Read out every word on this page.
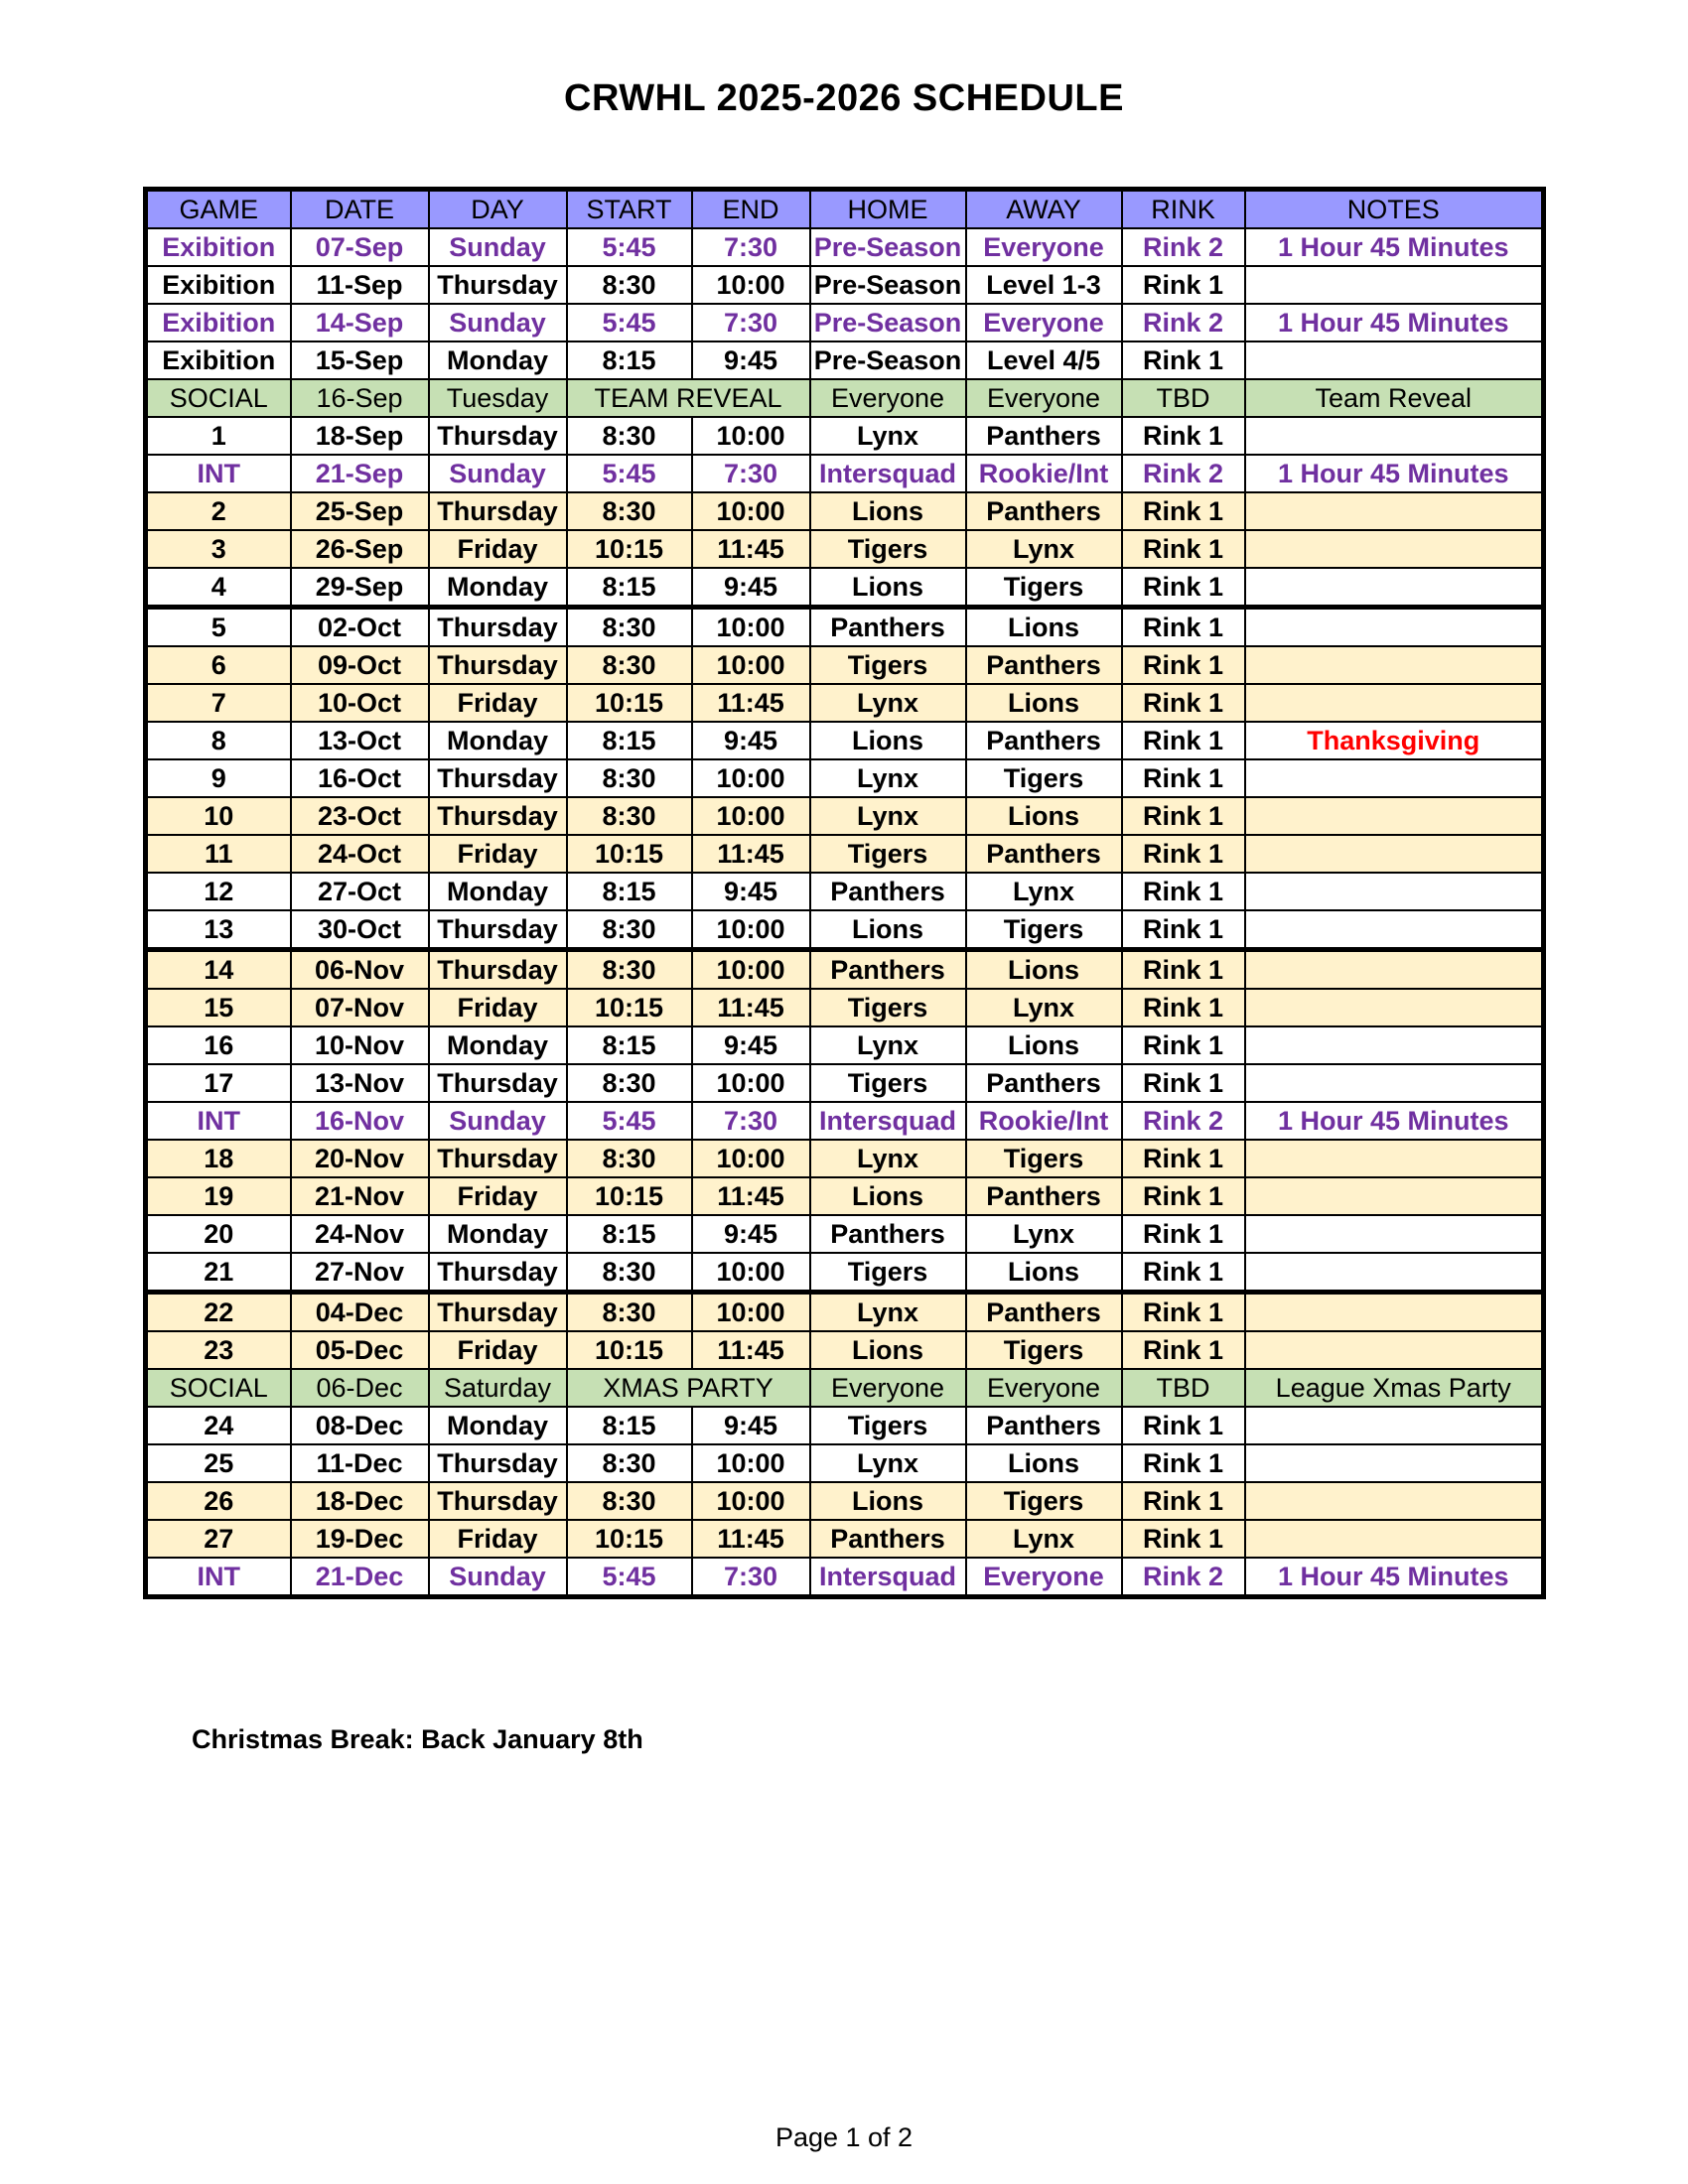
CRWHL 2025-2026 SCHEDULE
GAME	DATE	DAY	START	END	HOME	AWAY	RINK	NOTES
Exibition	07-Sep	Sunday	5:45	7:30	Pre-Season	Everyone	Rink 2	1 Hour 45 Minutes
Exibition	11-Sep	Thursday	8:30	10:00	Pre-Season	Level 1-3	Rink 1	
Exibition	14-Sep	Sunday	5:45	7:30	Pre-Season	Everyone	Rink 2	1 Hour 45 Minutes
Exibition	15-Sep	Monday	8:15	9:45	Pre-Season	Level 4/5	Rink 1	
SOCIAL	16-Sep	Tuesday	TEAM REVEAL		Everyone	Everyone	TBD	Team Reveal
1	18-Sep	Thursday	8:30	10:00	Lynx	Panthers	Rink 1	
INT	21-Sep	Sunday	5:45	7:30	Intersquad	Rookie/Int	Rink 2	1 Hour 45 Minutes
2	25-Sep	Thursday	8:30	10:00	Lions	Panthers	Rink 1	
3	26-Sep	Friday	10:15	11:45	Tigers	Lynx	Rink 1	
4	29-Sep	Monday	8:15	9:45	Lions	Tigers	Rink 1	
5	02-Oct	Thursday	8:30	10:00	Panthers	Lions	Rink 1	
6	09-Oct	Thursday	8:30	10:00	Tigers	Panthers	Rink 1	
7	10-Oct	Friday	10:15	11:45	Lynx	Lions	Rink 1	
8	13-Oct	Monday	8:15	9:45	Lions	Panthers	Rink 1	Thanksgiving
9	16-Oct	Thursday	8:30	10:00	Lynx	Tigers	Rink 1	
10	23-Oct	Thursday	8:30	10:00	Lynx	Lions	Rink 1	
11	24-Oct	Friday	10:15	11:45	Tigers	Panthers	Rink 1	
12	27-Oct	Monday	8:15	9:45	Panthers	Lynx	Rink 1	
13	30-Oct	Thursday	8:30	10:00	Lions	Tigers	Rink 1	
14	06-Nov	Thursday	8:30	10:00	Panthers	Lions	Rink 1	
15	07-Nov	Friday	10:15	11:45	Tigers	Lynx	Rink 1	
16	10-Nov	Monday	8:15	9:45	Lynx	Lions	Rink 1	
17	13-Nov	Thursday	8:30	10:00	Tigers	Panthers	Rink 1	
INT	16-Nov	Sunday	5:45	7:30	Intersquad	Rookie/Int	Rink 2	1 Hour 45 Minutes
18	20-Nov	Thursday	8:30	10:00	Lynx	Tigers	Rink 1	
19	21-Nov	Friday	10:15	11:45	Lions	Panthers	Rink 1	
20	24-Nov	Monday	8:15	9:45	Panthers	Lynx	Rink 1	
21	27-Nov	Thursday	8:30	10:00	Tigers	Lions	Rink 1	
22	04-Dec	Thursday	8:30	10:00	Lynx	Panthers	Rink 1	
23	05-Dec	Friday	10:15	11:45	Lions	Tigers	Rink 1	
SOCIAL	06-Dec	Saturday	XMAS PARTY		Everyone	Everyone	TBD	League Xmas Party
24	08-Dec	Monday	8:15	9:45	Tigers	Panthers	Rink 1	
25	11-Dec	Thursday	8:30	10:00	Lynx	Lions	Rink 1	
26	18-Dec	Thursday	8:30	10:00	Lions	Tigers	Rink 1	
27	19-Dec	Friday	10:15	11:45	Panthers	Lynx	Rink 1	
INT	21-Dec	Sunday	5:45	7:30	Intersquad	Everyone	Rink 2	1 Hour 45 Minutes
Christmas Break: Back January 8th
Page 1 of 2
